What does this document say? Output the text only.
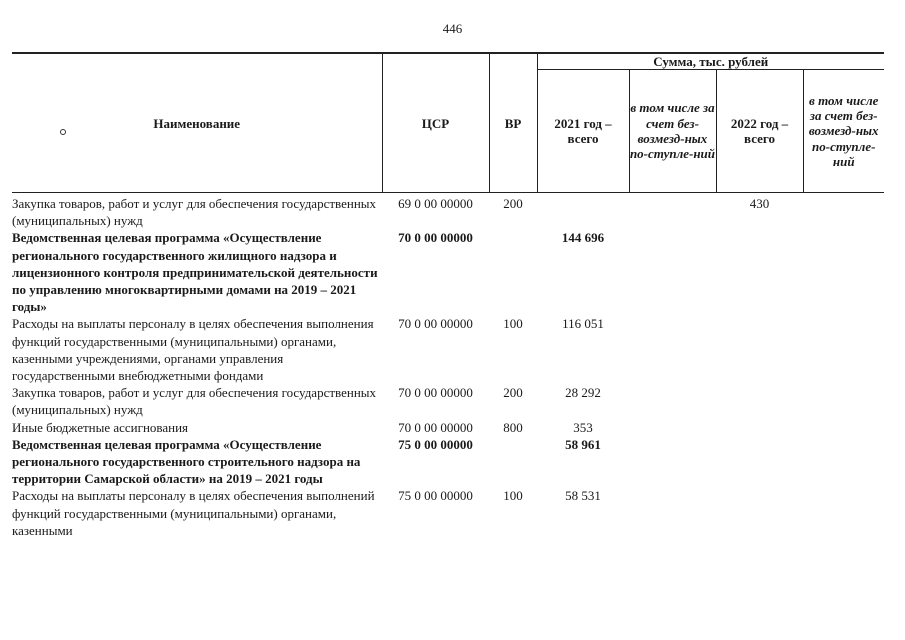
446
Наименование	ЦСР	ВР	Сумма, тыс. рублей			
			2021 год – всего	в том числе за счет без-возмезд-ных по-ступле-ний	2022 год – всего	в том числе за счет без-возмезд-ных по-ступле-ний
Закупка товаров, работ и услуг для обеспечения государственных (муниципальных) нужд	69 0 00 00000	200			430	
Ведомственная целевая программа «Осуществление регионального государственного жилищного надзора и лицензионного контроля предпринимательской деятельности по управлению многоквартирными домами на 2019 – 2021 годы»	70 0 00 00000		144 696			
Расходы на выплаты персоналу в целях обеспечения выполнения функций государственными (муниципальными) органами, казенными учреждениями, органами управления государственными внебюджетными фондами	70 0 00 00000	100	116 051			
Закупка товаров, работ и услуг для обеспечения государственных (муниципальных) нужд	70 0 00 00000	200	28 292			
Иные бюджетные ассигнования	70 0 00 00000	800	353			
Ведомственная целевая программа «Осуществление регионального государственного строительного надзора на территории Самарской области» на 2019 – 2021 годы	75 0 00 00000		58 961			
Расходы на выплаты персоналу в целях обеспечения выполнений функций государственными (муниципальными) органами, казенными	75 0 00 00000	100	58 531			
